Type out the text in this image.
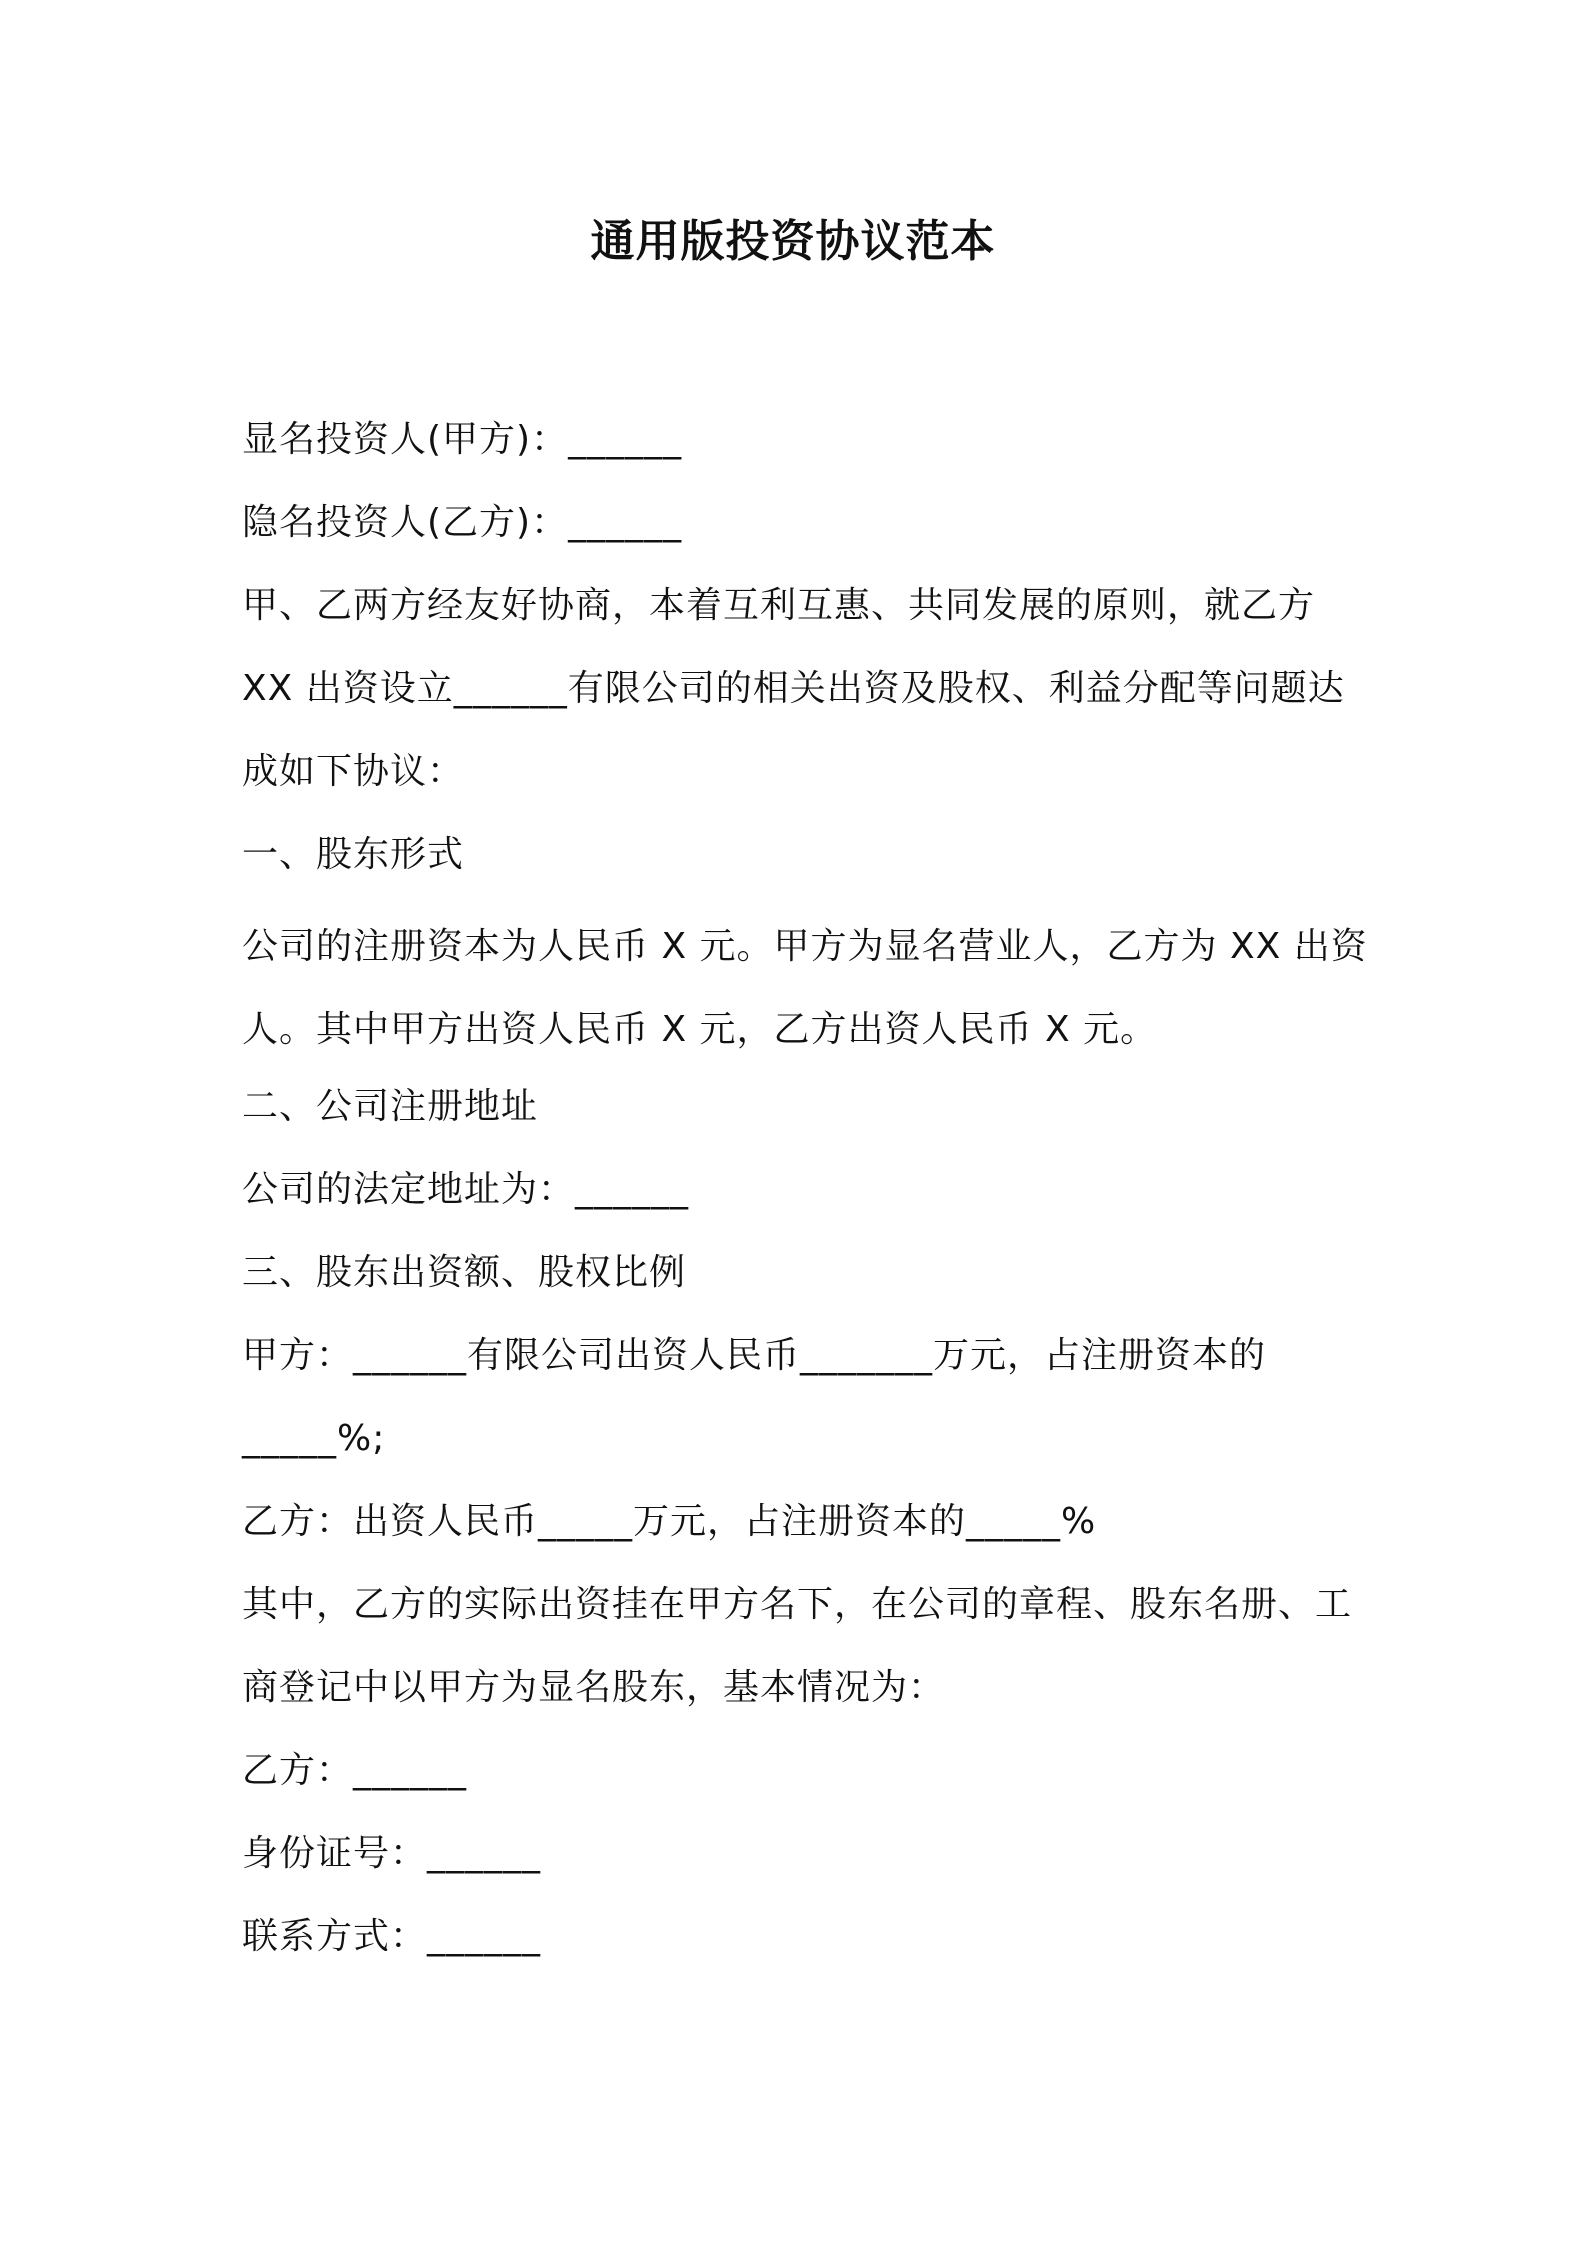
通用版投资协议范本
显名投资人(甲方)：______
隐名投资人(乙方)：______
甲、乙两方经友好协商，本着互利互惠、共同发展的原则，就乙方
XX 出资设立______有限公司的相关出资及股权、利益分配等问题达
成如下协议：
一、股东形式
公司的注册资本为人民币 X 元。甲方为显名营业人，乙方为 XX 出资
人。其中甲方出资人民币 X 元，乙方出资人民币 X 元。
二、公司注册地址
公司的法定地址为：______
三、股东出资额、股权比例
甲方：______有限公司出资人民币_______万元，占注册资本的
_____%;
乙方：出资人民币_____万元，占注册资本的_____%
其中，乙方的实际出资挂在甲方名下，在公司的章程、股东名册、工
商登记中以甲方为显名股东，基本情况为：
乙方：______
身份证号：______
联系方式：______
